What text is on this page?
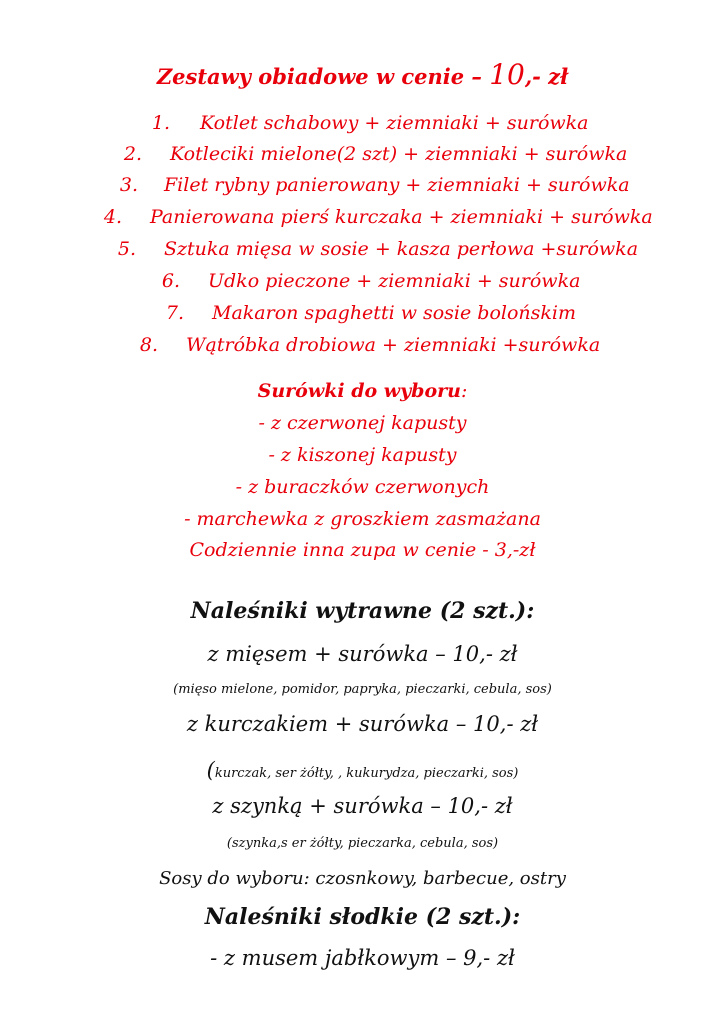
Zestawy obiadowe w cenie – 10,- zł
1. Kotlet schabowy + ziemniaki + surówka
2. Kotleciki mielone(2 szt) + ziemniaki + surówka
3. Filet rybny panierowany + ziemniaki + surówka
4. Panierowana pierś kurczaka + ziemniaki + surówka
5. Sztuka mięsa w sosie + kasza perłowa +surówka
6. Udko pieczone + ziemniaki + surówka
7. Makaron spaghetti w sosie bolońskim
8. Wątróbka drobiowa + ziemniaki +surówka
Surówki do wyboru:
- z czerwonej kapusty
- z kiszonej kapusty
- z buraczków czerwonych
- marchewka z groszkiem zasmażana
Codziennie inna zupa w cenie - 3,-zł
Naleśniki wytrawne (2 szt.):
z mięsem + surówka – 10,- zł
(mięso mielone, pomidor, papryka, pieczarki, cebula, sos)
z kurczakiem + surówka – 10,- zł
(kurczak, ser żółty, , kukurydza, pieczarki, sos)
z szynką + surówka – 10,- zł
(szynka,s er żółty, pieczarka, cebula, sos)
Sosy do wyboru: czosnkowy, barbecue, ostry
Naleśniki słodkie (2 szt.):
- z musem jabłkowym – 9,- zł
